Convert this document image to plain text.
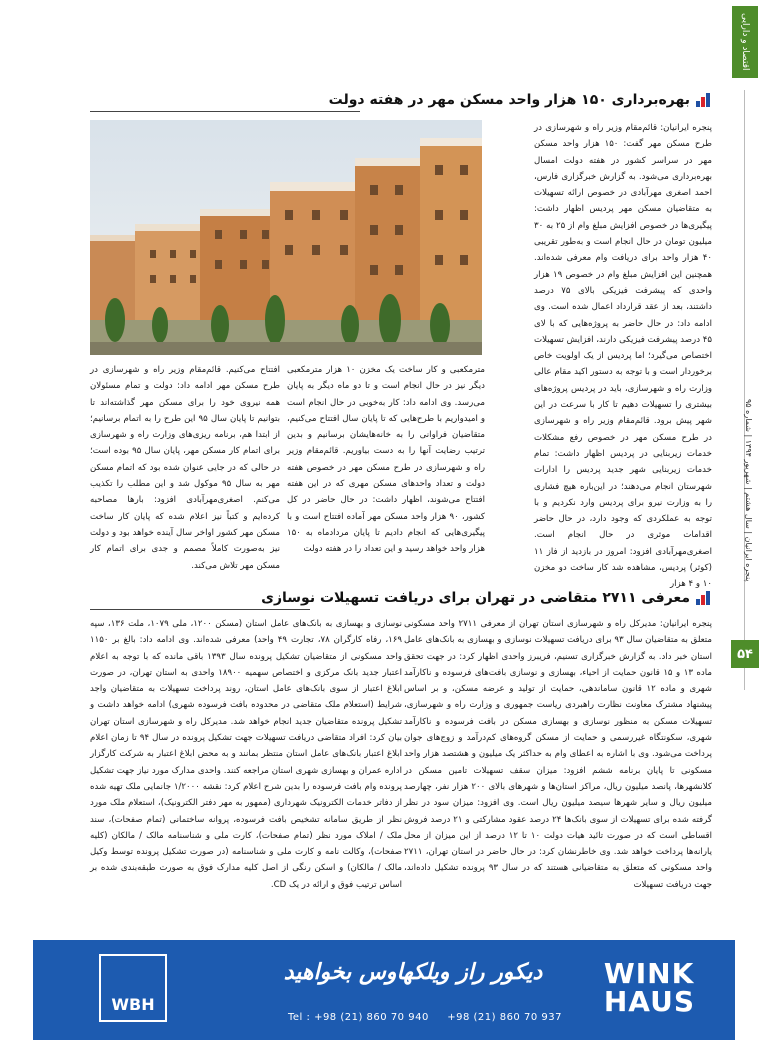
اقتصاد و دارایی
پنجره ایرانیان | سال هشتم | شهریور ۱۳۹۴ | شماره ۹۵
۵۴
بهره‌برداری ۱۵۰ هزار واحد مسکن مهر در هفته دولت

پنجره ایرانیان: قائم‌مقام وزیر راه و شهرسازی در طرح مسکن مهر گفت: ۱۵۰ هزار واحد مسکن مهر در سراسر کشور در هفته دولت امسال بهره‌برداری می‌شود. به گزارش خبرگزاری فارس، احمد اصغری مهرآبادی در خصوص ارائه تسهیلات به متقاضیان مسکن مهر پردیس اظهار داشت: پیگیری‌ها در خصوص افزایش مبلغ وام از ۲۵ به ۳۰ میلیون تومان در حال انجام است و به‌طور تقریبی ۴۰ هزار واحد برای دریافت وام معرفی شده‌اند. همچنین این افزایش مبلغ وام در خصوص ۱۹ هزار واحدی که پیشرفت فیزیکی بالای ۷۵ درصد داشتند، بعد از عقد قرارداد اعمال شده است. وی ادامه داد: در حال حاضر به پروژه‌هایی که با لای ۴۵ درصد پیشرفت فیزیکی دارند، افزایش تسهیلات اختصاص می‌گیرد؛ اما پردیس از یک اولویت خاص برخوردار است و با توجه به دستور اکید مقام عالی وزارت راه و شهرسازی، باید در پردیس پروژه‌های بیشتری را تسهیلات دهیم تا کار با سرعت در این شهر پیش برود. قائم‌مقام وزیر راه و شهرسازی در طرح مسکن مهر در خصوص رفع مشکلات خدمات زیربنایی در پردیس اظهار داشت: تمام خدمات زیربنایی شهر جدید پردیس را ادارات شهرستان انجام می‌دهند؛ در این‌باره هیچ فشاری را به وزارت نیرو برای پردیس وارد نکردیم و با توجه به عملکردی که وجود دارد، در حال حاضر اقدامات موثری در حال انجام است. اصغری‌مهرآبادی افزود: امروز در بازدید از فاز ۱۱ (کوثر) پردیس، مشاهده شد کار ساخت دو مخزن ۱۰ و ۴ هزار

مترمکعبی و کار ساخت یک مخزن ۱۰ هزار مترمکعبی دیگر نیز در حال انجام است و تا دو ماه دیگر به پایان می‌رسد. وی ادامه داد: کار به‌خوبی در حال انجام است و امیدواریم با طرح‌هایی که تا پایان سال افتتاح می‌کنیم، متقاضیان فراوانی را به خانه‌هایشان برسانیم و بدین ترتیب رضایت آنها را به دست بیاوریم. قائم‌مقام وزیر راه و شهرسازی در طرح مسکن مهر در خصوص هفته دولت و تعداد واحدهای مسکن مهری که در این هفته افتتاح می‌شوند، اظهار داشت: در حال حاضر در کل کشور، ۹۰ هزار واحد مسکن مهر آماده افتتاح است و با پیگیری‌هایی که انجام دادیم تا پایان مردادماه به ۱۵۰ هزار واحد خواهد رسید و این تعداد را در هفته دولت

افتتاح می‌کنیم. قائم‌مقام وزیر راه و شهرسازی در طرح مسکن مهر ادامه داد: دولت و تمام مسئولان همه نیروی خود را برای مسکن مهر گذاشته‌اند تا بتوانیم تا پایان سال ۹۵ این طرح را به اتمام برسانیم؛ از ابتدا هم، برنامه ریزی‌های وزارت راه و شهرسازی برای اتمام کار مسکن مهر، پایان سال ۹۵ بوده است؛ در حالی که در جایی عنوان شده بود که اتمام مسکن مهر به سال ۹۵ موکول شد و این مطلب را تکذیب می‌کنم. اصغری‌مهرآبادی افزود: بارها مصاحبه کرده‌ایم و کتباً نیز اعلام شده که پایان کار ساخت مسکن مهر کشور اواخر سال آینده خواهد بود و دولت نیز به‌صورت کاملاً مصمم و جدی برای اتمام کار مسکن مهر تلاش می‌کند.

معرفی ۲۷۱۱ متقاضی در تهران برای دریافت تسهیلات نوسازی

پنجره ایرانیان: مدیرکل راه و شهرسازی استان تهران از معرفی ۲۷۱۱ واحد مسکونی متعلق به متقاضیان سال ۹۳ برای دریافت تسهیلات نوسازی و بهسازی به بانک‌های عامل استان خبر داد. به گزارش خبرگزاری تسنیم، فریبرز واحدی اظهار کرد: در جهت تحقق ماده ۱۳ و ۱۵ قانون حمایت از احیاء، بهسازی و نوسازی بافت‌های فرسوده و ناکارآمد شهری و ماده ۱۲ قانون ساماندهی، حمایت از تولید و عرضه مسکن، و بر اساس پیشنهاد مشترک معاونت نظارت راهبردی ریاست جمهوری و وزارت راه و شهرسازی، تسهیلات مسکن به منظور نوسازی و بهسازی مسکن در بافت فرسوده و ناکارآمد شهری، سکونتگاه غیررسمی و حمایت از مسکن گروه‌های کم‌درآمد و زوج‌های جوان پرداخت می‌شود. وی با اشاره به اعطای وام به حداکثر یک میلیون و هشتصد هزار واحد مسکونی تا پایان برنامه ششم افزود: میزان سقف تسهیلات تامین مسکن در کلانشهرها، پانصد میلیون ریال، مراکز استان‌ها و شهرهای بالای ۲۰۰ هزار نفر، چهارصد میلیون ریال و سایر شهرها سیصد میلیون ریال است. وی افزود: میزان سود در نظر گرفته شده برای تسهیلات از سوی بانک‌ها ۲۴ درصد عقود مشارکتی و ۲۱ درصد فروش اقساطی است که در صورت تائید هیات دولت ۱۰ تا ۱۲ درصد از این میزان از محل یارانه‌ها پرداخت خواهد شد. وی خاطرنشان کرد: در حال حاضر در استان تهران، ۲۷۱۱ واحد مسکونی که متعلق به متقاضیانی هستند که در سال ۹۳ پرونده تشکیل داده‌اند، جهت دریافت تسهیلات

نوسازی و بهسازی به بانک‌های عامل استان (مسکن ۱۲۰۰، ملی ۱۰۷۹، ملت ۱۳۶، سپه ۱۶۹، رفاه کارگران ۷۸، تجارت ۴۹ واحد) معرفی شده‌اند. وی ادامه داد: بالغ بر ۱۱۵۰ واحد مسکونی از متقاضیان تشکیل پرونده سال ۱۳۹۳ باقی مانده که با توجه به اعلام اعتبار جدید بانک مرکزی و اختصاص سهمیه ۱۸۹۰۰ واحدی به استان تهران، در صورت ابلاغ اعتبار از سوی بانک‌های عامل استان، روند پرداخت تسهیلات به متقاضیان واجد شرایط (استعلام ملک متقاضی در محدوده بافت فرسوده شهری) ادامه خواهد داشت و تشکیل پرونده متقاضیان جدید انجام خواهد شد. مدیرکل راه و شهرسازی استان تهران بیان کرد: افراد متقاضی دریافت تسهیلات جهت تشکیل پرونده در سال ۹۴ تا زمان اعلام ابلاغ اعتبار بانک‌های عامل استان منتظر بمانند و به محض ابلاغ اعتبار به شرکت کارگزار اداره عمران و بهسازی شهری استان مراجعه کنند. واحدی مدارک مورد نیاز جهت تشکیل پرونده وام بافت فرسوده را بدین شرح اعلام کرد: نقشه ۱/۲۰۰۰ جانمایی ملک تهیه شده از دفاتر خدمات الکترونیک شهرداری (ممهور به مهر دفتر الکترونیک)، استعلام ملک مورد نظر از طریق سامانه تشخیص بافت فرسوده، پروانه ساختمانی (تمام صفحات)، سند ملک / املاک مورد نظر (تمام صفحات)، کارت ملی و شناسنامه مالک / مالکان (کلیه صفحات)، وکالت نامه و کارت ملی و شناسنامه (در صورت تشکیل پرونده توسط وکیل مالک / مالکان) و اسکن رنگی از اصل کلیه مدارک فوق به صورت طبقه‌بندی شده بر اساس ترتیب فوق و ارائه در یک CD.

WBH
دیکور راز ویلکهاوس بخواهید
Tel : +98 (21) 860 70 940 +98 (21) 860 70 937
WINK
HAUS
